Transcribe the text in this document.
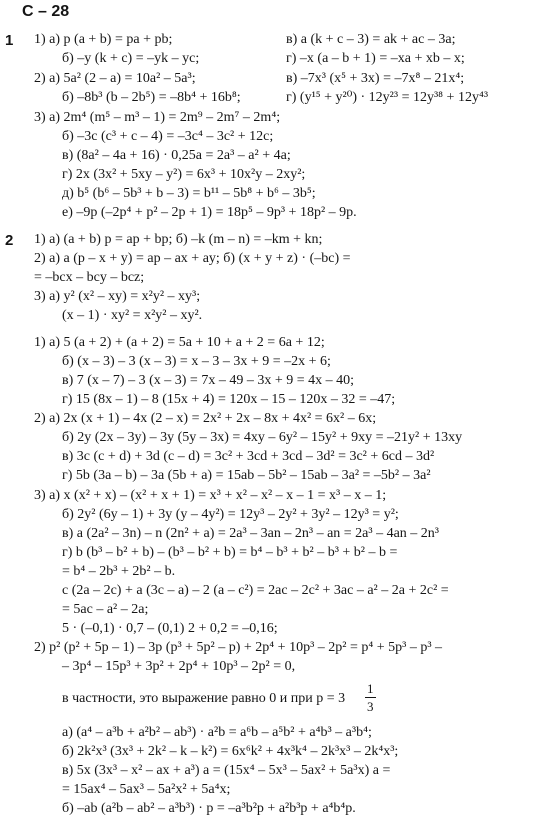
С – 28
1
2
1) а) p (a + b) = pa + pb;	в) a (k + c – 3) = ak + ac – 3a;
б) –y (k + c) = –yk – yc;	г) –x (a – b + 1) = –xa + xb – x;
2) а) 5a² (2 – a) = 10a² – 5a³;	в) –7x³ (x⁵ + 3x) = –7x⁸ – 21x⁴;
б) –8b³ (b – 2b⁵) = –8b⁴ + 16b⁸;	г) (y¹⁵ + y²⁰) · 12y²³ = 12y³⁸ + 12y⁴³
3) а) 2m⁴ (m⁵ – m³ – 1) = 2m⁹ – 2m⁷ – 2m⁴;
б) –3c (c³ + c – 4) = –3c⁴ – 3c² + 12c;
в) (8a² – 4a + 16) · 0,25a = 2a³ – a² + 4a;
г) 2x (3x² + 5xy – y²) = 6x³ + 10x²y – 2xy²;
д) b⁵ (b⁶ – 5b³ + b – 3) = b¹¹ – 5b⁸ + b⁶ – 3b⁵;
е) –9p (–2p⁴ + p² – 2p + 1) = 18p⁵ – 9p³ + 18p² – 9p.
1) а) (a + b) p = ap + bp; б) –k (m – n) = –km + kn;
2) а) a (p – x + y) = ap – ax + ay; б) (x + y + z) · (–bc) =
= –bcx – bcy – bcz;
3) а) y² (x² – xy) = x²y² – xy³;
(x – 1) · xy² = x²y² – xy².
1) а) 5 (a + 2) + (a + 2) = 5a + 10 + a + 2 = 6a + 12;
б) (x – 3) – 3 (x – 3) = x – 3 – 3x + 9 = –2x + 6;
в) 7 (x – 7) – 3 (x – 3) = 7x – 49 – 3x + 9 = 4x – 40;
г) 15 (8x – 1) – 8 (15x + 4) = 120x – 15 – 120x – 32 = –47;
2) а) 2x (x + 1) – 4x (2 – x) = 2x² + 2x – 8x + 4x² = 6x² – 6x;
б) 2y (2x – 3y) – 3y (5y – 3x) = 4xy – 6y² – 15y² + 9xy = –21y² + 13xy
в) 3c (c + d) + 3d (c – d) = 3c² + 3cd + 3cd – 3d² = 3c² + 6cd – 3d²
г) 5b (3a – b) – 3a (5b + a) = 15ab – 5b² – 15ab – 3a² = –5b² – 3a²
3) а) x (x² + x) – (x² + x + 1) = x³ + x² – x² – x – 1 = x³ – x – 1;
б) 2y² (6y – 1) + 3y (y – 4y²) = 12y³ – 2y² + 3y² – 12y³ = y²;
в) a (2a² – 3n) – n (2n² + a) = 2a³ – 3an – 2n³ – an = 2a³ – 4an – 2n³
г) b (b³ – b² + b) – (b³ – b² + b) = b⁴ – b³ + b² – b³ + b² – b =
= b⁴ – 2b³ + 2b² – b.
c (2a – 2c) + a (3c – a) – 2 (a – c²) = 2ac – 2c² + 3ac – a² – 2a + 2c² =
= 5ac – a² – 2a;
5 · (–0,1) · 0,7 – (0,1) 2 + 0,2 = –0,16;
2) p² (p² + 5p – 1) – 3p (p³ + 5p² – p) + 2p⁴ + 10p³ – 2p² = p⁴ + 5p³ – p³ –
– 3p⁴ – 15p³ + 3p² + 2p⁴ + 10p³ – 2p² = 0,
в частности, это выражение равно 0 и при p = 3
1
3
а) (a⁴ – a³b + a²b² – ab³) · a²b = a⁶b – a⁵b² + a⁴b³ – a³b⁴;
б) 2k²x³ (3x³ + 2k² – k – k²) = 6x⁶k² + 4x³k⁴ – 2k³x³ – 2k⁴x³;
в) 5x (3x³ – x² – ax + a³) a = (15x⁴ – 5x³ – 5ax² + 5a³x) a =
= 15ax⁴ – 5ax³ – 5a²x² + 5a⁴x;
б) –ab (a²b – ab² – a³b³) · p = –a³b²p + a²b³p + a⁴b⁴p.
